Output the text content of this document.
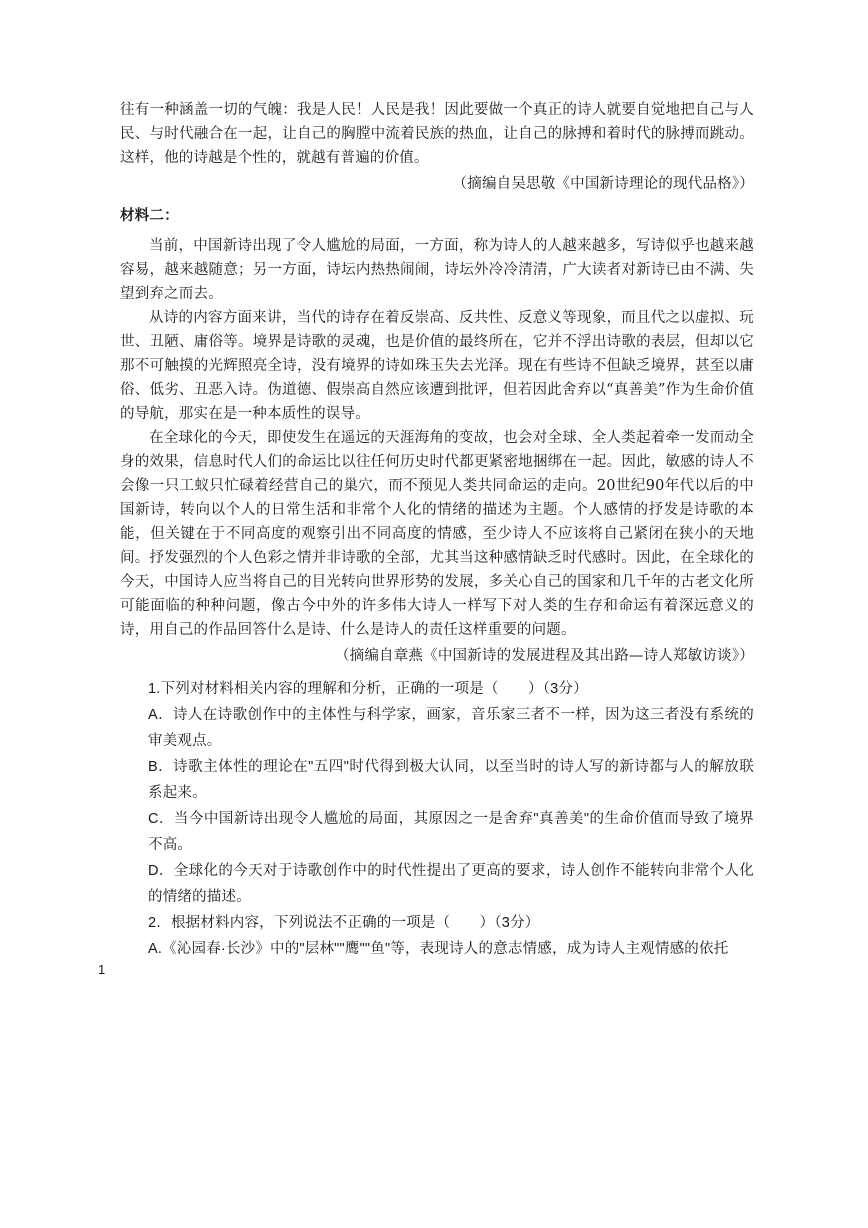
往有一种涵盖一切的气魄：我是人民！人民是我！因此要做一个真正的诗人就要自觉地把自己与人民、与时代融合在一起，让自己的胸膛中流着民族的热血，让自己的脉搏和着时代的脉搏而跳动。这样，他的诗越是个性的，就越有普遍的价值。

（摘编自吴思敬《中国新诗理论的现代品格》）

材料二：

当前，中国新诗出现了令人尴尬的局面，一方面，称为诗人的人越来越多，写诗似乎也越来越容易，越来越随意；另一方面，诗坛内热热闹闹，诗坛外冷冷清清，广大读者对新诗已由不满、失望到弃之而去。

从诗的内容方面来讲，当代的诗存在着反崇高、反共性、反意义等现象，而且代之以虚拟、玩世、丑陋、庸俗等。境界是诗歌的灵魂，也是价值的最终所在，它并不浮出诗歌的表层，但却以它那不可触摸的光辉照亮全诗，没有境界的诗如珠玉失去光泽。现在有些诗不但缺乏境界，甚至以庸俗、低劣、丑恶入诗。伪道德、假崇高自然应该遭到批评，但若因此舍弃以“真善美”作为生命价值的导航，那实在是一种本质性的误导。

在全球化的今天，即使发生在遥远的天涯海角的变故，也会对全球、全人类起着牵一发而动全身的效果，信息时代人们的命运比以往任何历史时代都更紧密地捆绑在一起。因此，敏感的诗人不会像一只工蚁只忙碌着经营自己的巢穴，而不预见人类共同命运的走向。20世纪90年代以后的中国新诗，转向以个人的日常生活和非常个人化的情绪的描述为主题。个人感情的抒发是诗歌的本能，但关键在于不同高度的观察引出不同高度的情感，至少诗人不应该将自己紧闭在狭小的天地间。抒发强烈的个人色彩之情并非诗歌的全部，尤其当这种感情缺乏时代感时。因此，在全球化的今天，中国诗人应当将自己的目光转向世界形势的发展，多关心自己的国家和几千年的古老文化所可能面临的种种问题，像古今中外的许多伟大诗人一样写下对人类的生存和命运有着深远意义的诗，用自己的作品回答什么是诗、什么是诗人的责任这样重要的问题。

（摘编自章燕《中国新诗的发展进程及其出路—诗人郑敏访谈》）

1.下列对材料相关内容的理解和分析，正确的一项是（　　）（3分）

A．诗人在诗歌创作中的主体性与科学家，画家，音乐家三者不一样，因为这三者没有系统的审美观点。

B．诗歌主体性的理论在"五四"时代得到极大认同，以至当时的诗人写的新诗都与人的解放联系起来。

C．当今中国新诗出现令人尴尬的局面，其原因之一是舍弃"真善美"的生命价值而导致了境界不高。

D．全球化的今天对于诗歌创作中的时代性提出了更高的要求，诗人创作不能转向非常个人化的情绪的描述。

2．根据材料内容，下列说法不正确的一项是（　　）（3分）

A.《沁园春·长沙》中的"层林""鹰""鱼"等，表现诗人的意志情感，成为诗人主观情感的依托

1
